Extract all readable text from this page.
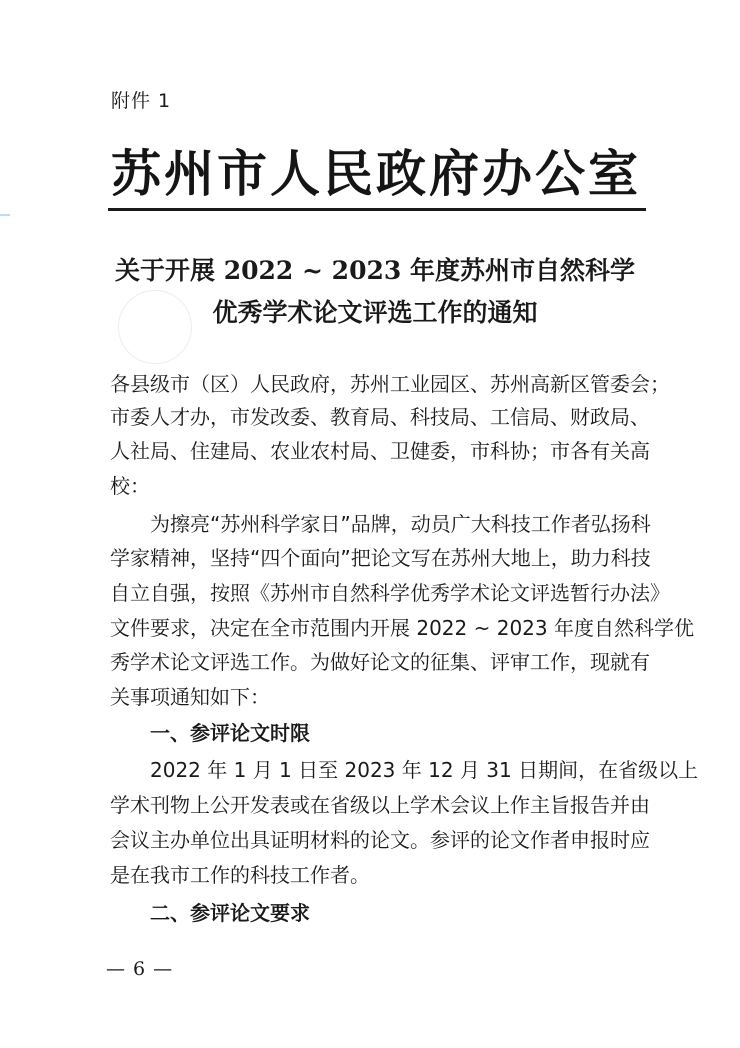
附件 1
苏州市人民政府办公室
关于开展 2022 ~ 2023 年度苏州市自然科学
优秀学术论文评选工作的通知
各县级市（区）人民政府，苏州工业园区、苏州高新区管委会；
市委人才办，市发改委、教育局、科技局、工信局、财政局、
人社局、住建局、农业农村局、卫健委，市科协；市各有关高
校：
为擦亮“苏州科学家日”品牌，动员广大科技工作者弘扬科
学家精神，坚持“四个面向”把论文写在苏州大地上，助力科技
自立自强，按照《苏州市自然科学优秀学术论文评选暂行办法》
文件要求，决定在全市范围内开展 2022 ~ 2023 年度自然科学优
秀学术论文评选工作。为做好论文的征集、评审工作，现就有
关事项通知如下：
一、参评论文时限
2022 年 1 月 1 日至 2023 年 12 月 31 日期间，在省级以上
学术刊物上公开发表或在省级以上学术会议上作主旨报告并由
会议主办单位出具证明材料的论文。参评的论文作者申报时应
是在我市工作的科技工作者。
二、参评论文要求
— 6 —
